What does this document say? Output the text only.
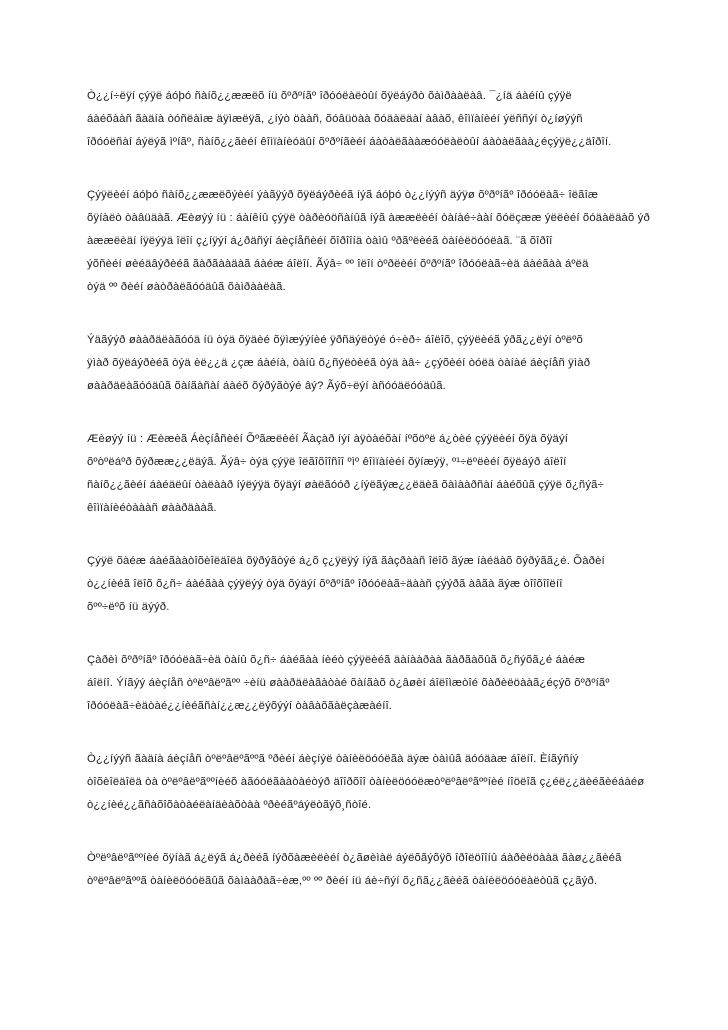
Ò¿¿í÷ëÿí çýÿë áóþó ñàíõ¿¿ææëõ íü õºðºíãº îðóóëàëòûí õÿëáýðò õàìðààëàâ. ¯¿íä áàéíû çýÿë
áàéõààñ ãàäíà òóñëàìæ äÿìæëÿã, ¿íýò öààñ, õóâüöàà õóäàëäàí àâàõ, êîìïàíèéí ýëññýí ò¿íøýýñ
îðóóëñàí áýëýã ìºíãº, ñàíõ¿¿ãèéí êîìïàíèóäûí õºðºíãèéí áàòàëãààæóóëàëòûí áàòàëãàà¿éçýÿë¿¿äîðîí.

Çýÿëèéí áóþó ñàíõ¿¿ææëõýèéí ýàãÿýð õÿëáýðèéã íýã áóþó ò¿¿íýýñ äýÿø õºðºíãº îðóóëàã÷ îëãîæ
õÿíàëò òàâüäàã. Æèøýý íü : áàíêíû çýÿë òàðèóöñàíûã íýã àææëèéí òàíàé÷ààí õóëçææ ýëëèéí õóäàëäàõ ýð
àææëèäí íÿëýÿä îëîí ç¿íÿýí á¿ðäñýí áèçíåñèéí õîðîîíä òàìû ºðãºëèéã òàíèëöóóëàã. ¨ã õîðîî
ýõñèéí øèéäâýðèéã ãàðãààäàã áàéæ áîëîí. Ãýâ÷ ºº îëîí òºðëèéí õºðºíãº îðóóëàã÷èä áàéãàà áºëä
òýä ºº ðèéí øàòðàëãóóäûã õàìðààëàã.

Ýäãýýð øààðäëàãóóä íü òýä õÿäèé õÿìæýýíèé ÿðñäýëòýé ó÷èð÷ áîëîõ, çýÿëèéã ýðã¿¿ëýí òºëºõ
ÿìàð õÿëáýðèéã òýä èë¿¿ä ¿çæ áàéíà, òàíû õ¿ñýëòèéã òýä àâ÷ ¿çýõèéí òóëä òàíàé áèçíåñ ÿìàð
øààðäëàãóóäûã õàíãàñàí áàéõ õýðýãòýé âý? Ãýõ÷ëýí àñóóäëóóäûã.

Æèøýý íü : Æèæèã Áèçíåñèéí Õºãæëèéí Ãàçàð íýí àÿòàéõàí íºõöºë á¿òèé çýÿëèéí õÿä õÿäýí
õºòºëáºð õýðææ¿¿ëäýã. Ãýâ÷ òýä çýÿë îëãîõîîñîî ºìº êîìïàíèéí õÿíæýÿ, º¹÷ëºëèéí õÿëáýð áîëîí
ñàíõ¿¿ãèéí áàéäëûí òàëààð íýëýÿä õÿäýí øàëãóóð ¿íýëãýæ¿¿ëäèã õàìààðñàí áàéõûã çýÿë õ¿ñýã÷
êîìïàíèéòàààñ øààðäààã.

Çýÿë õàéæ áàéãààòîõèîëäîëä õÿðýãòýé á¿õ ç¿ÿëÿý íýã ãàçðààñ îëîõ ãýæ íàéäàõ õýðýãã¿é. Õàðèí
ò¿¿íèéã îëîõ õ¿ñ÷ áàéãàà çýÿëýý òýä õýäýí õºðºíãº îðóóëàã÷äààñ çýýðã àâãà ãýæ òîîõîîëíî
õºº÷ëºõ íü äýýð.

Çàðèì õºðºíãº îðóóëàã÷èä òàíû õ¿ñ÷ áàéãàà íèéò çýÿëèéã äàíààðàà ãàðãàõûã õ¿ñýõã¿é áàéæ
áîëíî. Ýíãýý áèçíåñ òºëºâëºãºº ÷èíü øààðäëàãàòàé õàíãàõ ò¿âøèí áîëîìæòîé õàðèëöààã¿éçýõ õºðºíãº
îðóóëàã÷èäòàé¿¿íèéãñàí¿¿æ¿¿ëýõýýí òàâàõãàëçàæàéíî.

Ò¿¿íýýñ ãàäíà áèçíåñ òºëºâëºãººã ºðèéí áèçíýë òàíèëöóóëãà äýæ òàìûã äóóäàæ áîëíî. Èíãýñíý
òîõèîëäîëä òà òºëºâëºãººíèéõ àãóóëãààòàéòýð äîîðõîî òàíèëöóóëæòºëºâëºãººíèé íîöëîã ç¿éë¿¿äèéãèéáàéø
ò¿¿íèé¿¿ãñàõîõàòàéëàíäèàõòàà ºðèéãºáýëòãýõ¸ñòîé.

Òºëºâëºãººíèé õÿíàã á¿ëýã á¿ðèéã íýðõàæèëèéí ò¿ãøèìàë áýëõãýõÿõ îðîëöîîíû áàðèëöààä ãàø¿¿ãèéã
òºëºâëºãººã òàíèëöóóëãûã õàìààðàã÷èæ,ºº ºº ðèéí íü áè÷ñýí õ¿ñã¿¿ãèéã òàíèëöóóëàëòûã ç¿ãýð.
